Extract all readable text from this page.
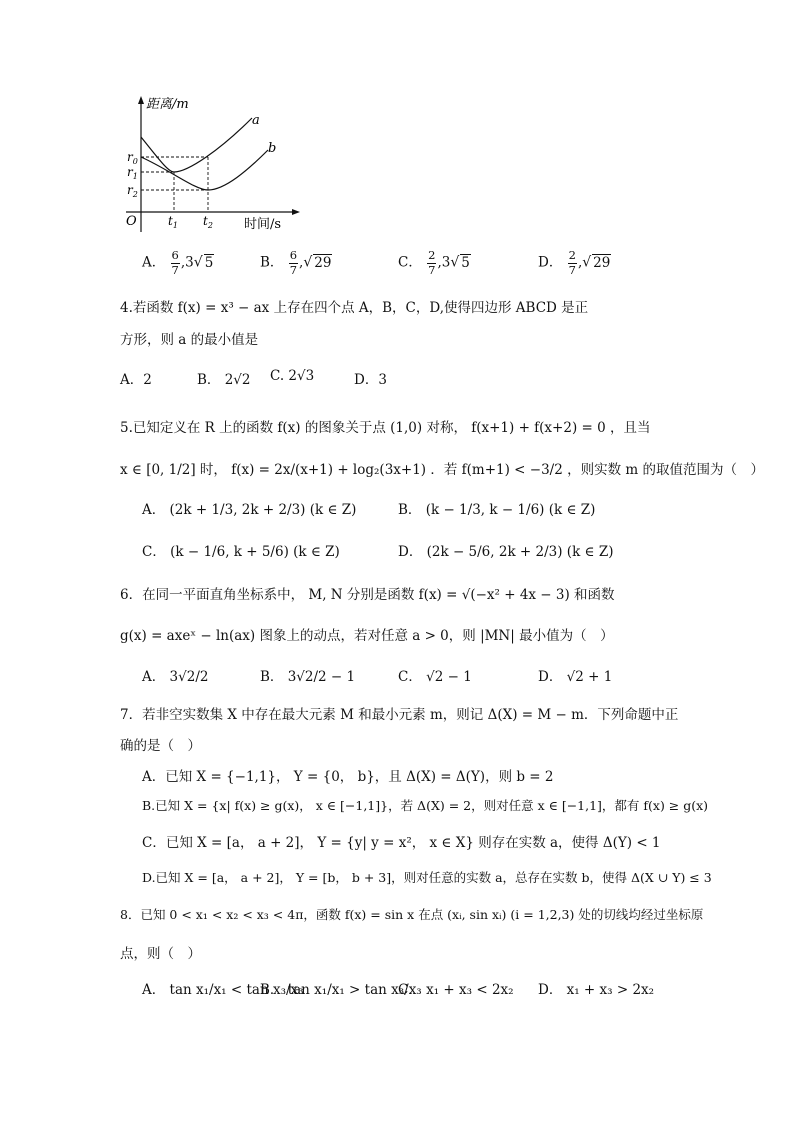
距离/m
时间/s
O
a
b
$r_0$
$r_1$
$r_2$
$t_1$ $t_2$
A． $\frac{6}{7} ,3√$ 5	B． $\frac{6}{7}$ ,√ 29	C． $\frac{2}{7} ,3√$ 5	D． $\frac{2}{7}$ ,√ 29
4.若函数 f(x) = x³ − ax 上存在四个点 A，B，C，D,使得四边形 ABCD 是正
方形，则 a 的最小值是
A．2	B． 2√2 C. 2√3	D．3
5.已知定义在 R 上的函数 f(x) 的图象关于点 (1,0) 对称， f(x+1) + f(x+2) = 0 ，且当
x ∈ [0, 1/2] 时， f(x) = 2x/(x+1) + log₂(3x+1) ．若 f(m+1) < −3/2 ，则实数 m 的取值范围为（　）
A． (2k + 1/3, 2k + 2/3) (k ∈ Z)	B． (k − 1/3, k − 1/6) (k ∈ Z)
C． (k − 1/6, k + 5/6) (k ∈ Z)	D． (2k − 5/6, 2k + 2/3) (k ∈ Z)
6．在同一平面直角坐标系中， M, N 分别是函数 f(x) = √(−x² + 4x − 3) 和函数
g(x) = axeˣ − ln(ax) 图象上的动点，若对任意 a > 0，则 |MN| 最小值为（　）
A． 3√2/2	B． 3√2/2 − 1	C． √2 − 1	D． √2 + 1
7．若非空实数集 X 中存在最大元素 M 和最小元素 m，则记 Δ(X) = M − m．下列命题中正
确的是（　）
A．已知 X = {−1,1}， Y = {0， b}，且 Δ(X) = Δ(Y)，则 b = 2
B.已知 X = {x| f(x) ≥ g(x)， x ∈ [−1,1]}，若 Δ(X) = 2，则对任意 x ∈ [−1,1]，都有 f(x) ≥ g(x)
C．已知 X = [a， a + 2]， Y = {y| y = x²， x ∈ X} 则存在实数 a，使得 Δ(Y) < 1
D.已知 X = [a， a + 2]， Y = [b， b + 3]，则对任意的实数 a，总存在实数 b，使得 Δ(X ∪ Y) ≤ 3
8．已知 0 < x₁ < x₂ < x₃ < 4π，函数 f(x) = sin x 在点 (xᵢ, sin xᵢ) (i = 1,2,3) 处的切线均经过坐标原
点，则（　）
A． tan x₁/x₁ < tan x₃/x₃
B． tan x₁/x₁ > tan x₃/x₃
C． x₁ + x₃ < 2x₂ D． x₁ + x₃ > 2x₂
